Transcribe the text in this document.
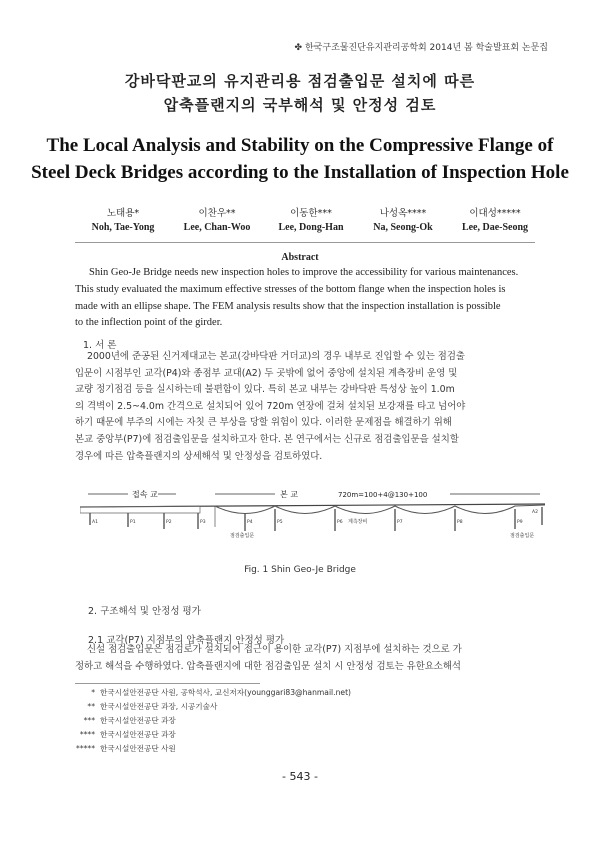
✤ 한국구조물진단유지관리공학회 2014년 봄 학술발표회 논문집
강바닥판교의 유지관리용 점검출입문 설치에 따른
압축플랜지의 국부해석 및 안정성 검토
The Local Analysis and Stability on the Compressive Flange of
Steel Deck Bridges according to the Installation of Inspection Hole
노태용*
Noh, Tae-Yong
이찬우**
Lee, Chan-Woo
이동한***
Lee, Dong-Han
나성옥****
Na, Seong-Ok
이대성*****
Lee, Dae-Seong
Abstract
Shin Geo-Je Bridge needs new inspection holes to improve the accessibility for various maintenances.
This study evaluated the maximum effective stresses of the bottom flange when the inspection holes is
made with an ellipse shape. The FEM analysis results show that the inspection installation is possible
to the inflection point of the girder.
1. 서 론
2000년에 준공된 신거제대교는 본교(강바닥판 거더교)의 경우 내부로 진입할 수 있는 점검출
입문이 시점부인 교각(P4)와 종점부 교대(A2) 두 곳밖에 없어 중앙에 설치된 계측장비 운영 및
교량 정기점검 등을 실시하는데 불편함이 있다. 특히 본교 내부는 강바닥판 특성상 높이 1.0m
의 격벽이 2.5~4.0m 간격으로 설치되어 있어 720m 연장에 걸쳐 설치된 보강재를 타고 넘어야
하기 때문에 부주의 시에는 자칫 큰 부상을 당할 위험이 있다. 이러한 문제점을 해결하기 위해
본교 중앙부(P7)에 점검출입문을 설치하고자 한다. 본 연구에서는 신규로 점검출입문을 설치할
경우에 따른 압축플랜지의 상세해석 및 안정성을 검토하였다.
접속 교	본 교	720m=100+4@130+100
A1	P1	P2	P3	P4	P5	P6	P7	P8	P9
A2
점검출입문
계측장비
점검출입문
Fig. 1 Shin Geo-Je Bridge
2. 구조해석 및 안정성 평가
2.1 교각(P7) 지점부의 압축플랜지 안정성 평가
신설 점검출입문은 점검로가 설치되어 접근이 용이한 교각(P7) 지점부에 설치하는 것으로 가
정하고 해석을 수행하였다. 압축플랜지에 대한 점검출입문 설치 시 안정성 검토는 유한요소해석
* 한국시설안전공단 사원, 공학석사, 교신저자(younggari83@hanmail.net)
** 한국시설안전공단 과장, 시공기술사
*** 한국시설안전공단 과장
**** 한국시설안전공단 과장
***** 한국시설안전공단 사원
- 543 -
